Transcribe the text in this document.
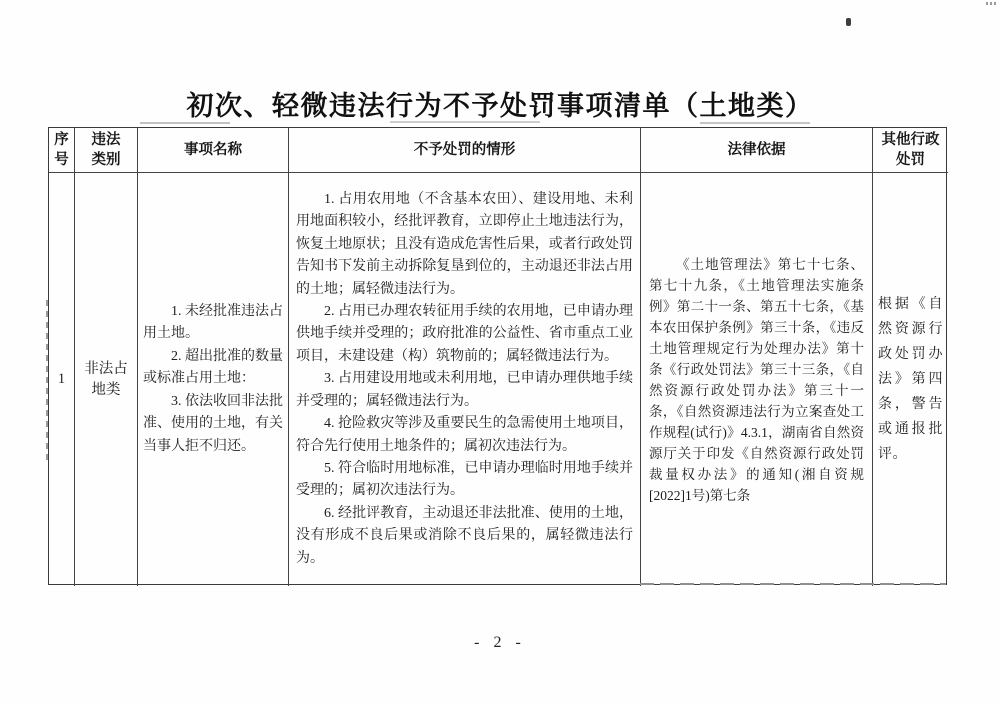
初次、轻微违法行为不予处罚事项清单（土地类）
序号
违法类别
事项名称	不予处罚的情形	法律依据
其他行政处罚
1
非法占地类

1. 未经批准违法占用土地。

2. 超出批准的数量或标准占用土地：

3. 依法收回非法批准、使用的土地，有关当事人拒不归还。

1. 占用农用地（不含基本农田）、建设用地、未利用地面积较小，经批评教育，立即停止土地违法行为，恢复土地原状；且没有造成危害性后果，或者行政处罚告知书下发前主动拆除复垦到位的，主动退还非法占用的土地；属轻微违法行为。

2. 占用已办理农转征用手续的农用地，已申请办理供地手续并受理的；政府批准的公益性、省市重点工业项目，未建设建（构）筑物前的；属轻微违法行为。

3. 占用建设用地或未利用地，已申请办理供地手续并受理的；属轻微违法行为。

4. 抢险救灾等涉及重要民生的急需使用土地项目，符合先行使用土地条件的；属初次违法行为。

5. 符合临时用地标准，已申请办理临时用地手续并受理的；属初次违法行为。

6. 经批评教育，主动退还非法批准、使用的土地，没有形成不良后果或消除不良后果的，属轻微违法行为。

《土地管理法》第七十七条、第七十九条，《土地管理法实施条例》第二十一条、第五十七条，《基本农田保护条例》第三十条，《违反土地管理规定行为处理办法》第十条《行政处罚法》第三十三条，《自然资源行政处罚办法》第三十一条，《自然资源违法行为立案查处工作规程(试行)》4.3.1，湖南省自然资源厅关于印发《自然资源行政处罚裁量权办法》的通知(湘自资规[2022]1号)第七条

根据《自然资源行政处罚办法》第四条，警告或通报批评。

- 2 -
